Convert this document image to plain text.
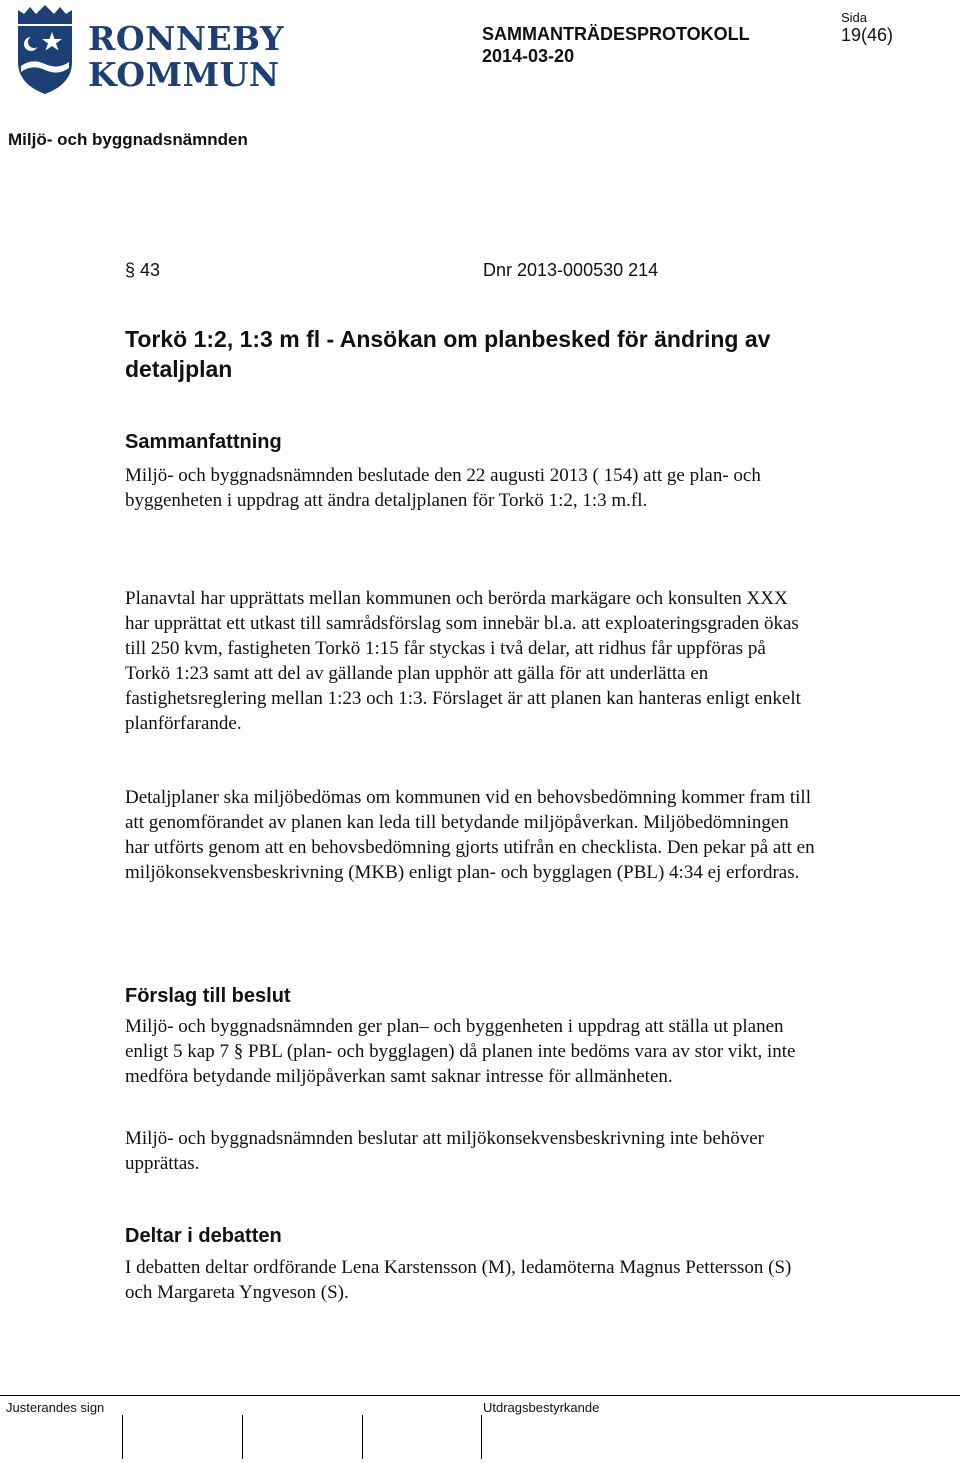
RONNEBY
KOMMUN
SAMMANTRÄDESPROTOKOLL
2014-03-20
Sida
19(46)
Miljö- och byggnadsnämnden
§ 43	Dnr 2013-000530 214
Torkö 1:2, 1:3 m fl - Ansökan om planbesked för ändring av detaljplan
Sammanfattning

Miljö- och byggnadsnämnden beslutade den 22 augusti 2013 ( 154) att ge plan- och byggenheten i uppdrag att ändra detaljplanen för Torkö 1:2, 1:3 m.fl.

Planavtal har upprättats mellan kommunen och berörda markägare och konsulten XXX har upprättat ett utkast till samrådsförslag som innebär bl.a. att exploateringsgraden ökas till 250 kvm, fastigheten Torkö 1:15 får styckas i två delar, att ridhus får uppföras på Torkö 1:23 samt att del av gällande plan upphör att gälla för att underlätta en fastighetsreglering mellan 1:23 och 1:3. Förslaget är att planen kan hanteras enligt enkelt planförfarande.

Detaljplaner ska miljöbedömas om kommunen vid en behovsbedömning kommer fram till att genomförandet av planen kan leda till betydande miljöpåverkan. Miljöbedömningen har utförts genom att en behovsbedömning gjorts utifrån en checklista. Den pekar på att en miljökonsekvensbeskrivning (MKB) enligt plan- och bygglagen (PBL) 4:34 ej erfordras.

Förslag till beslut

Miljö- och byggnadsnämnden ger plan– och byggenheten i uppdrag att ställa ut planen enligt 5 kap 7 § PBL (plan- och bygglagen) då planen inte bedöms vara av stor vikt, inte medföra betydande miljöpåverkan samt saknar intresse för allmänheten.

Miljö- och byggnadsnämnden beslutar att miljökonsekvensbeskrivning inte behöver upprättas.

Deltar i debatten

I debatten deltar ordförande Lena Karstensson (M), ledamöterna Magnus Pettersson (S) och Margareta Yngveson (S).

Justerandes sign	Utdragsbestyrkande
